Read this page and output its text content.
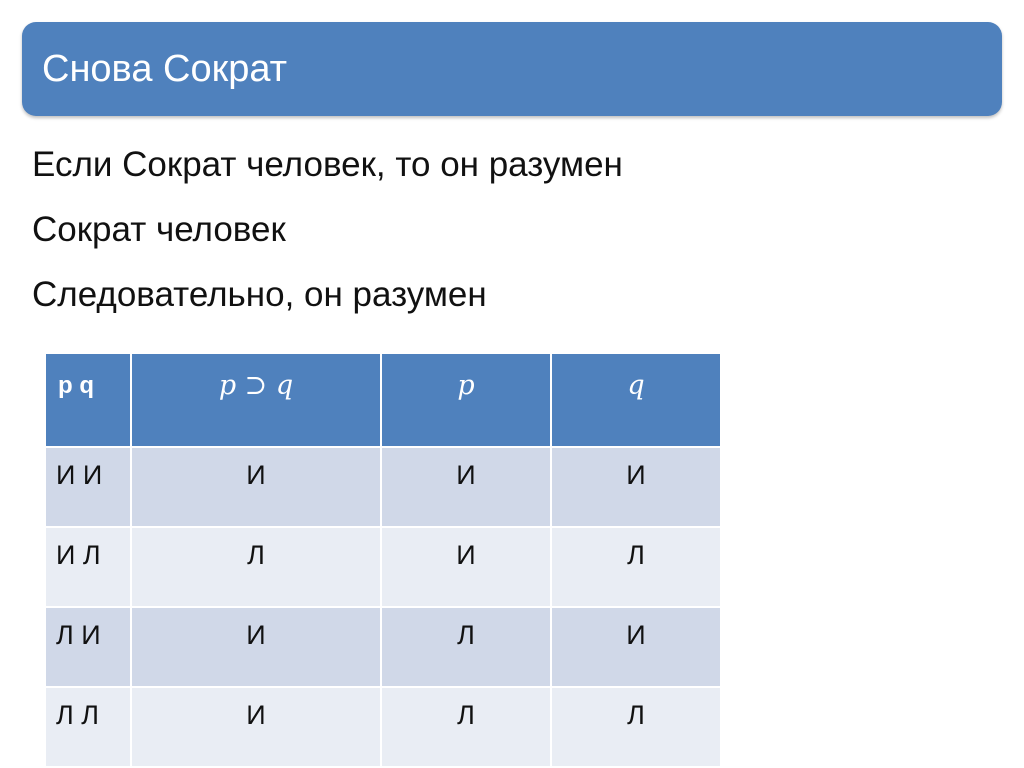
Снова Сократ
Если Сократ человек, то он разумен
Сократ человек
Следовательно, он разумен
p q	𝑝 ⊃ 𝑞	𝑝	𝑞
И И	И	И	И
И Л	Л	И	Л
Л И	И	Л	И
Л Л	И	Л	Л
